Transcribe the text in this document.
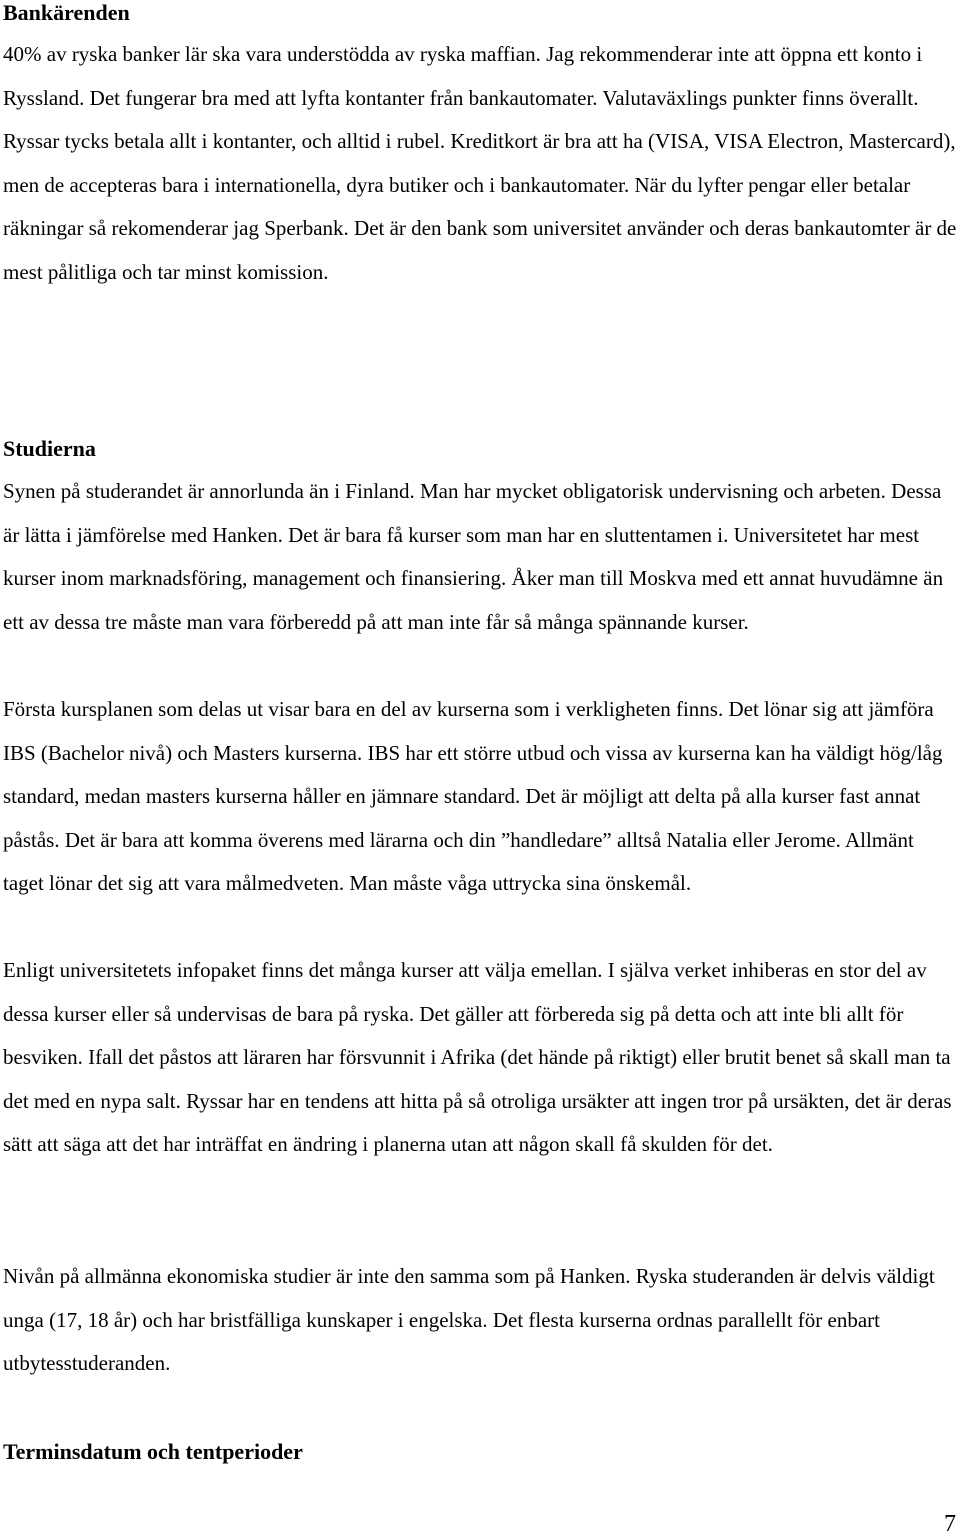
Bankärenden
40% av ryska banker lär ska vara understödda av ryska maffian. Jag rekommenderar inte att öppna ett konto i Ryssland. Det fungerar bra med att lyfta kontanter från bankautomater. Valutaväxlings punkter finns överallt. Ryssar tycks betala allt i kontanter, och alltid i rubel. Kreditkort är bra att ha (VISA, VISA Electron, Mastercard), men de accepteras bara i internationella, dyra butiker och i bankautomater. När du lyfter pengar eller betalar räkningar så rekomenderar jag Sperbank. Det är den bank som universitet använder och deras bankautomter är de mest pålitliga och tar minst komission.
Studierna
Synen på studerandet är annorlunda än i Finland. Man har mycket obligatorisk undervisning och arbeten. Dessa är lätta i jämförelse med Hanken. Det är bara få kurser som man har en sluttentamen i. Universitetet har mest kurser inom marknadsföring, management och finansiering. Åker man till Moskva med ett annat huvudämne än ett av dessa tre måste man vara förberedd på att man inte får så många spännande kurser.
Första kursplanen som delas ut visar bara en del av kurserna som i verkligheten finns. Det lönar sig att jämföra IBS (Bachelor nivå) och Masters kurserna. IBS har ett större utbud och vissa av kurserna kan ha väldigt hög/låg standard, medan masters kurserna håller en jämnare standard. Det är möjligt att delta på alla kurser fast annat påstås. Det är bara att komma överens med lärarna och din ”handledare” alltså Natalia eller Jerome. Allmänt taget lönar det sig att vara målmedveten. Man måste våga uttrycka sina önskemål.
Enligt universitetets infopaket finns det många kurser att välja emellan. I själva verket inhiberas en stor del av dessa kurser eller så undervisas de bara på ryska. Det gäller att förbereda sig på detta och att inte bli allt för besviken. Ifall det påstos att läraren har försvunnit i Afrika (det hände på riktigt) eller brutit benet så skall man ta det med en nypa salt. Ryssar har en tendens att hitta på så otroliga ursäkter att ingen tror på ursäkten, det är deras sätt att säga att det har inträffat en ändring i planerna utan att någon skall få skulden för det.
Nivån på allmänna ekonomiska studier är inte den samma som på Hanken. Ryska studeranden är delvis väldigt unga (17, 18 år) och har bristfälliga kunskaper i engelska. Det flesta kurserna ordnas parallellt för enbart utbytesstuderanden.
Terminsdatum och tentperioder
7
